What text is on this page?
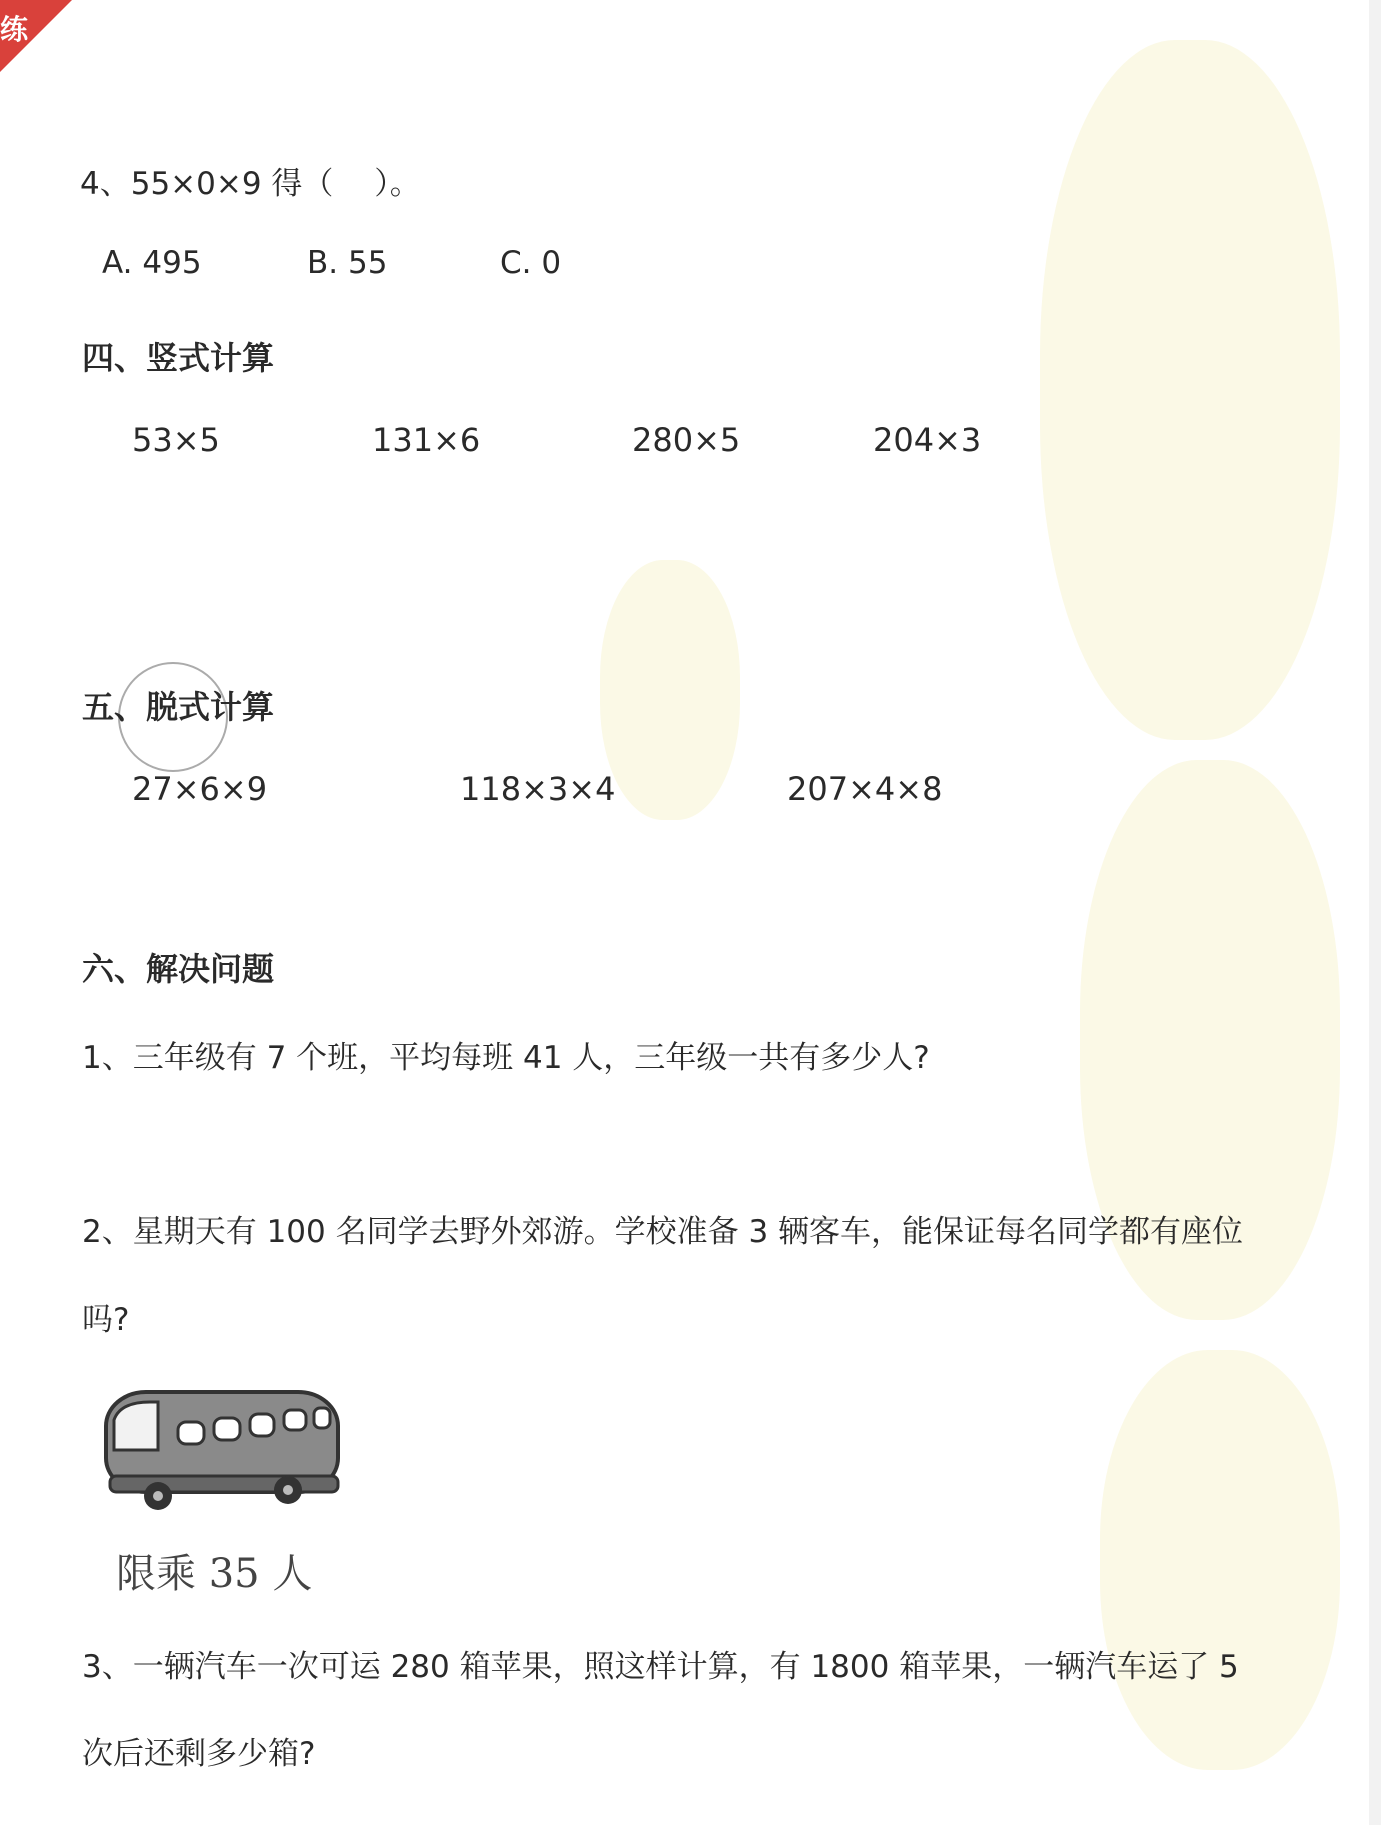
练
4、55×0×9 得（　 ）。
A. 495	B. 55	C. 0
四、竖式计算
53×5	131×6	280×5	204×3
五、脱式计算
27×6×9	118×3×4	207×4×8
六、解决问题
1、三年级有 7 个班，平均每班 41 人，三年级一共有多少人?
2、星期天有 100 名同学去野外郊游。学校准备 3 辆客车，能保证每名同学都有座位
吗?
限乘 35 人
3、一辆汽车一次可运 280 箱苹果，照这样计算，有 1800 箱苹果，一辆汽车运了 5
次后还剩多少箱?
